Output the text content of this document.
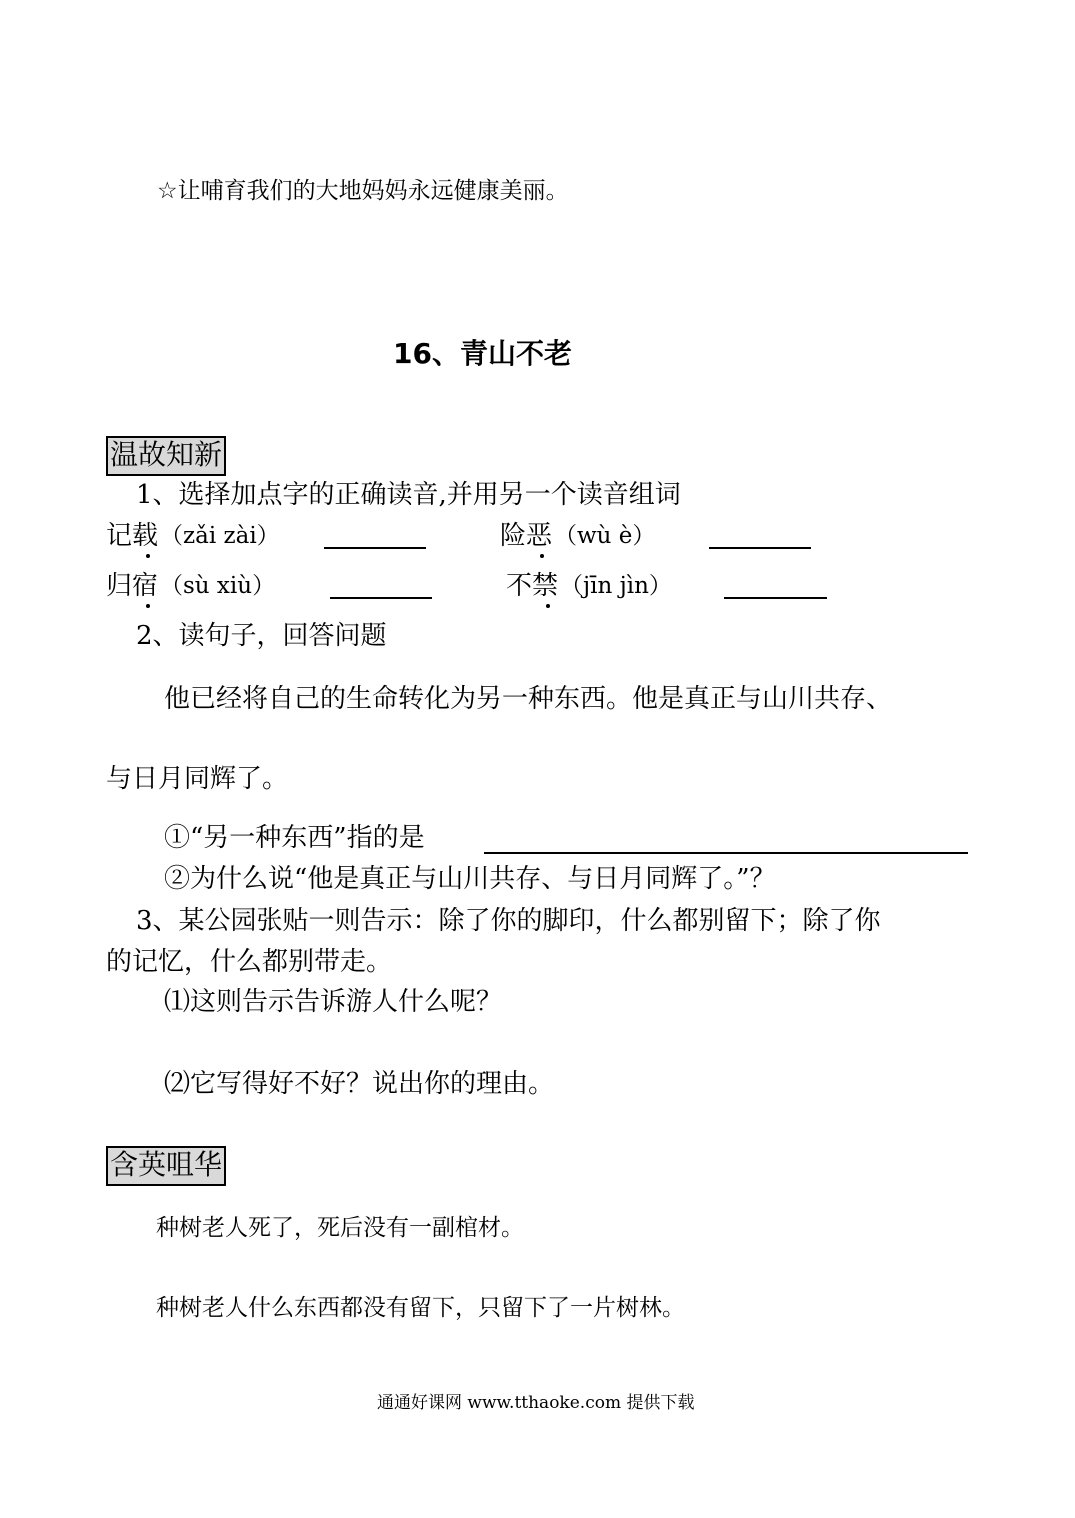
☆让哺育我们的大地妈妈永远健康美丽。
16、青山不老
温故知新
1、选择加点字的正确读音,并用另一个读音组词
记载 （zǎi zài）	险恶 （wù è）
归宿 （sù xiù）	不禁 （jīn jìn）
2、读句子，回答问题
他已经将自己的生命转化为另一种东西。他是真正与山川共存、
与日月同辉了。
①“另一种东西”指的是
②为什么说“他是真正与山川共存、与日月同辉了。”？
3、某公园张贴一则告示：除了你的脚印，什么都别留下；除了你
的记忆，什么都别带走。
⑴这则告示告诉游人什么呢？
⑵它写得好不好？说出你的理由。
含英咀华
种树老人死了，死后没有一副棺材。
种树老人什么东西都没有留下，只留下了一片树林。
通通好课网 www.tthaoke.com 提供下载
